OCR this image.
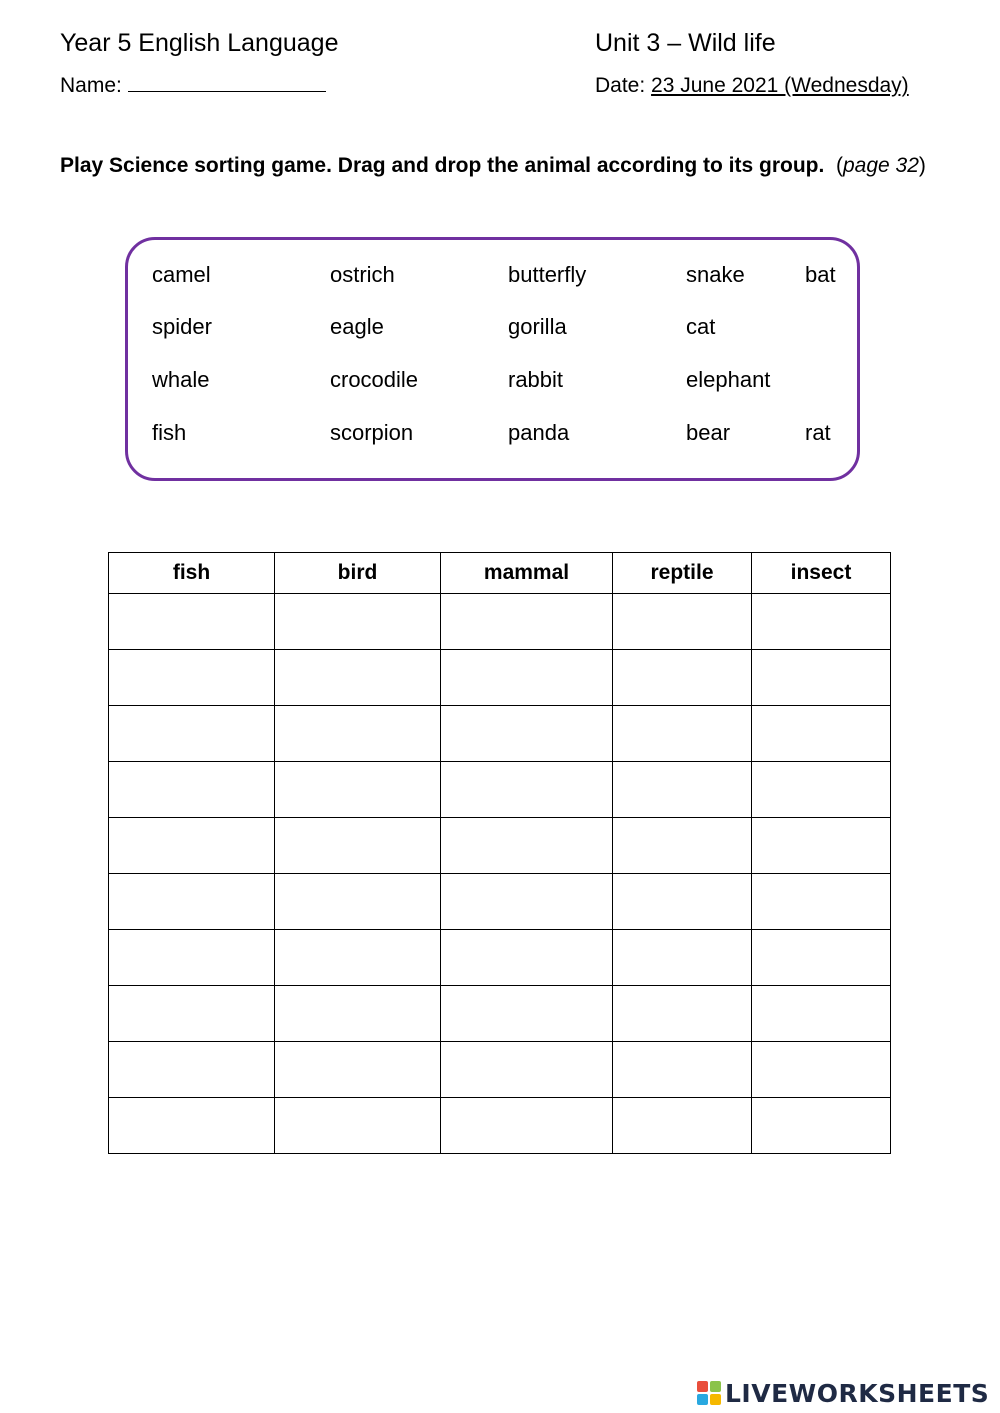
Year 5 English Language	Unit 3 – Wild life
Name:	Date: 23 June 2021 (Wednesday)
Play Science sorting game. Drag and drop the animal according to its group.  (page 32)
camel	ostrich	butterfly	snake	bat
spider	eagle	gorilla	cat
whale	crocodile	rabbit	elephant
fish	scorpion	panda	bear	rat
fish	bird	mammal	reptile	insect

LIVEWORKSHEETS
